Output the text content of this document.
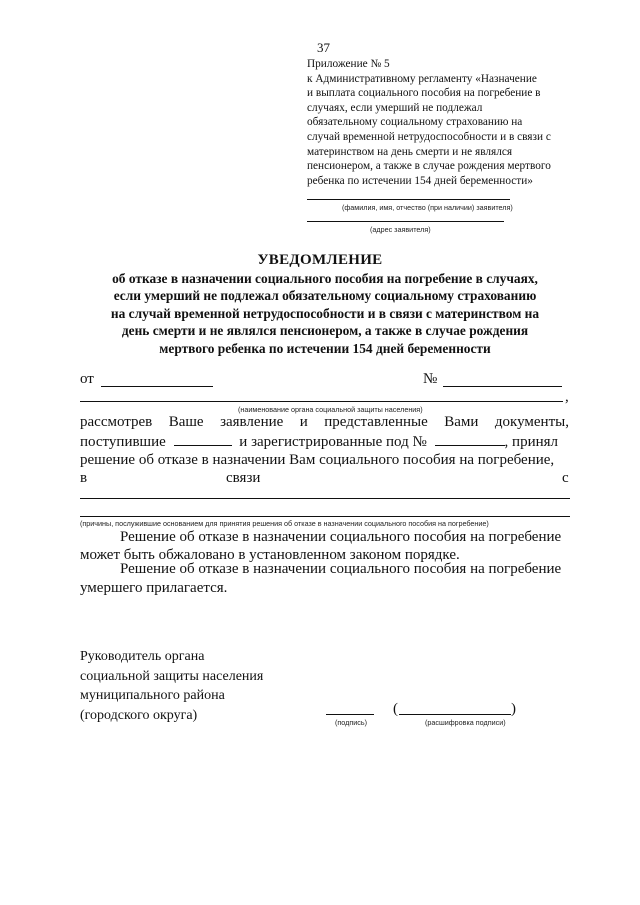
37
Приложение № 5
к Административному регламенту «Назначение
и выплата социального пособия на погребение в
случаях, если умерший не подлежал
обязательному социальному страхованию на
случай временной нетрудоспособности и в связи с
материнством на день смерти и не являлся
пенсионером, а также в случае рождения мертвого
ребенка по истечении 154 дней беременности»
(фамилия, имя, отчество (при наличии) заявителя)
(адрес заявителя)
УВЕДОМЛЕНИЕ
об отказе в назначении социального пособия на погребение в случаях,
если умерший не подлежал обязательному социальному страхованию
на случай временной нетрудоспособности и в связи с материнством на
день смерти и не являлся пенсионером, а также в случае рождения
мертвого ребенка по истечении 154 дней беременности
от	№
,
(наименование органа социальной защиты населения)
рассмотрев Ваше заявление и представленные Вами документы,
поступившие	и зарегистрированные под №	, принял
решение об отказе в назначении Вам социального пособия на погребение,
в	связи	с
(причины, послужившие основанием для принятия решения об отказе в назначении социального пособия на погребение)
Решение об отказе в назначении социального пособия на погребение
может быть обжаловано в установленном законом порядке.
Решение об отказе в назначении социального пособия на погребение
умершего прилагается.
Руководитель органа
социальной защиты населения
муниципального района
(городского округа)	(подпись)
(	)
(расшифровка подписи)
